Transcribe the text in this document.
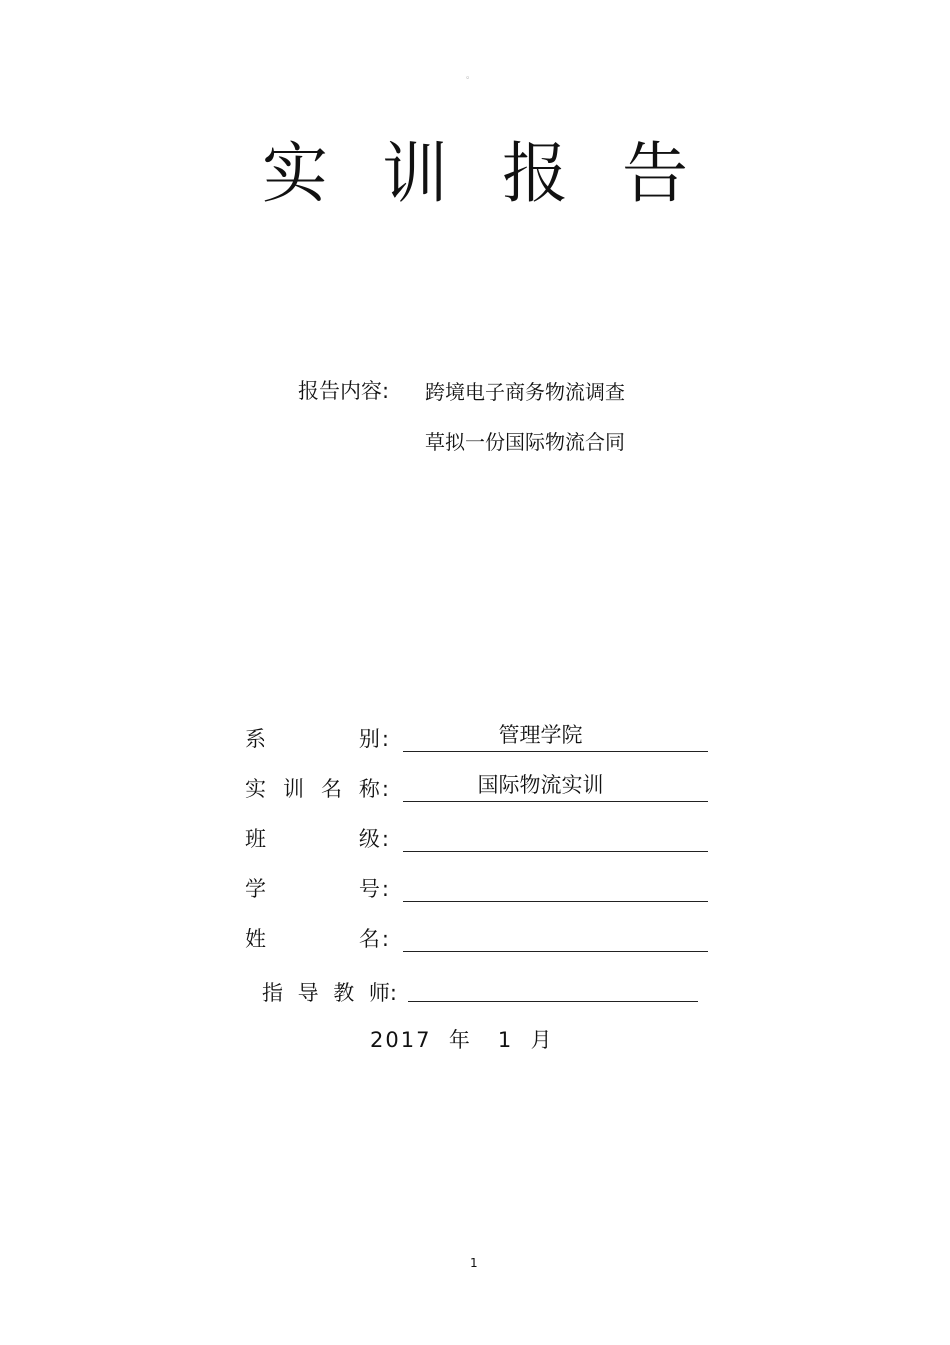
。
实 训 报 告
报告内容: 跨境电子商务物流调查
草拟一份国际物流合同
系	别:	管理学院
实 训 名 称:	国际物流实训
班	级:
学	号:
姓	名:
指 导 教 师:
2017 年 1 月
1
